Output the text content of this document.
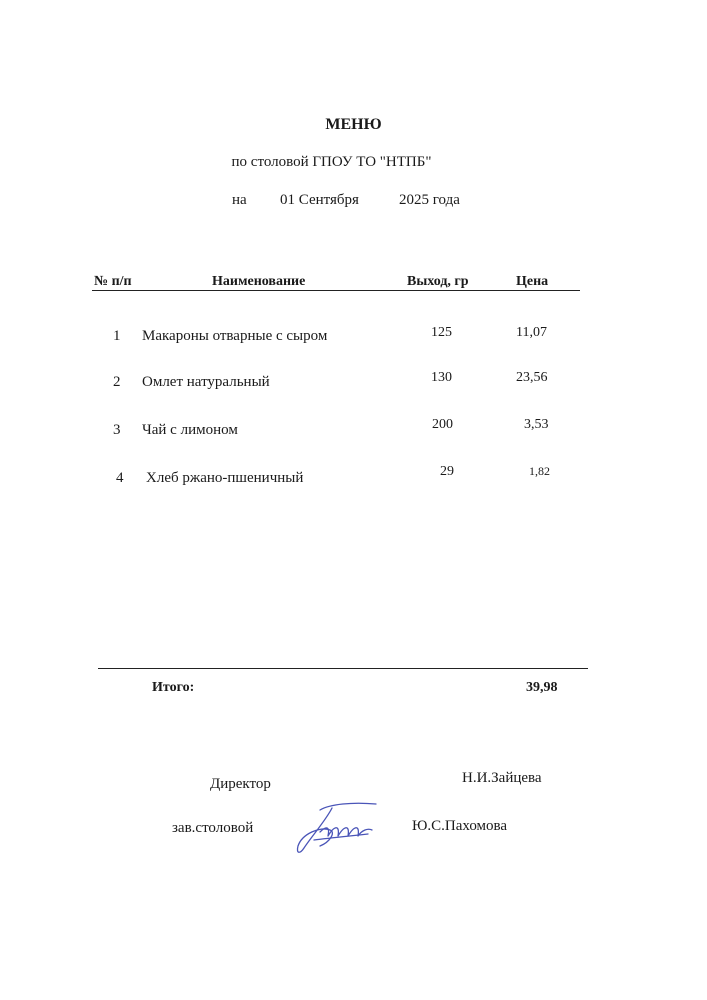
МЕНЮ
по столовой ГПОУ ТО "НТПБ"
на 01 Сентября	2025 года
№ п/п	Наименование	Выход, гр	Цена
1 Макароны отварные с сыром	125	11,07
2 Омлет натуральный	130	23,56
3 Чай с лимоном	200	3,53
4 Хлеб ржано-пшеничный	29	1,82
Итого:	39,98
Директор	Н.И.Зайцева
зав.столовой	Ю.С.Пахомова
